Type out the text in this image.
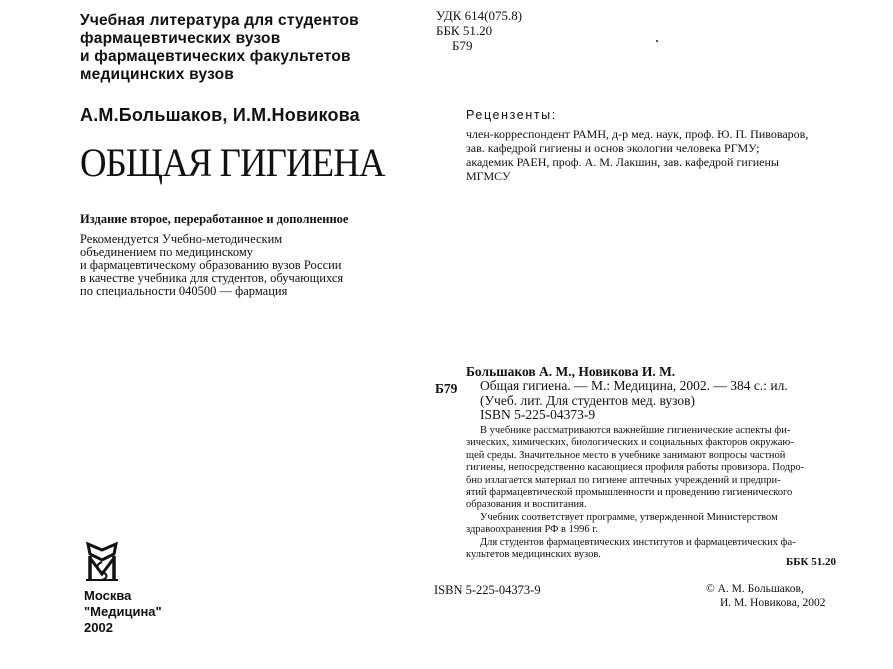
Учебная литература для студентов
фармацевтических вузов
и фармацевтических факультетов
медицинских вузов
А.М.Большаков, И.М.Новикова
ОБЩАЯ ГИГИЕНА
Издание второе, переработанное и дополненное
Рекомендуется Учебно-методическим
объединением по медицинскому
и фармацевтическому образованию вузов России
в качестве учебника для студентов, обучающихся
по специальности 040500 — фармация
Москва
"Медицина"
2002
УДК 614(075.8)
ББК 51.20
Б79
Рецензенты:
член-корреспондент РАМН, д-р мед. наук, проф. Ю. П. Пивоваров,
зав. кафедрой гигиены и основ экологии человека РГМУ;
академик РАЕН, проф. А. М. Лакшин, зав. кафедрой гигиены
МГМСУ
Большаков А. М., Новикова И. М.
Б79 Общая гигиена. — М.: Медицина, 2002. — 384 с.: ил.
(Учеб. лит. Для студентов мед. вузов)
ISBN 5-225-04373-9
В учебнике рассматриваются важнейшие гигиенические аспекты фи-
зических, химических, биологических и социальных факторов окружаю-
щей среды. Значительное место в учебнике занимают вопросы частной
гигиены, непосредственно касающиеся профиля работы провизора. Подро-
бно излагается материал по гигиене аптечных учреждений и предпри-
ятий фармацевтической промышленности и проведению гигиенического
образования и воспитания.
Учебник соответствует программе, утвержденной Министерством
здравоохранения РФ в 1996 г.
Для студентов фармацевтических институтов и фармацевтических фа-
культетов медицинских вузов.
ББК 51.20
ISBN 5-225-04373-9	© А. М. Большаков,
И. М. Новикова, 2002
